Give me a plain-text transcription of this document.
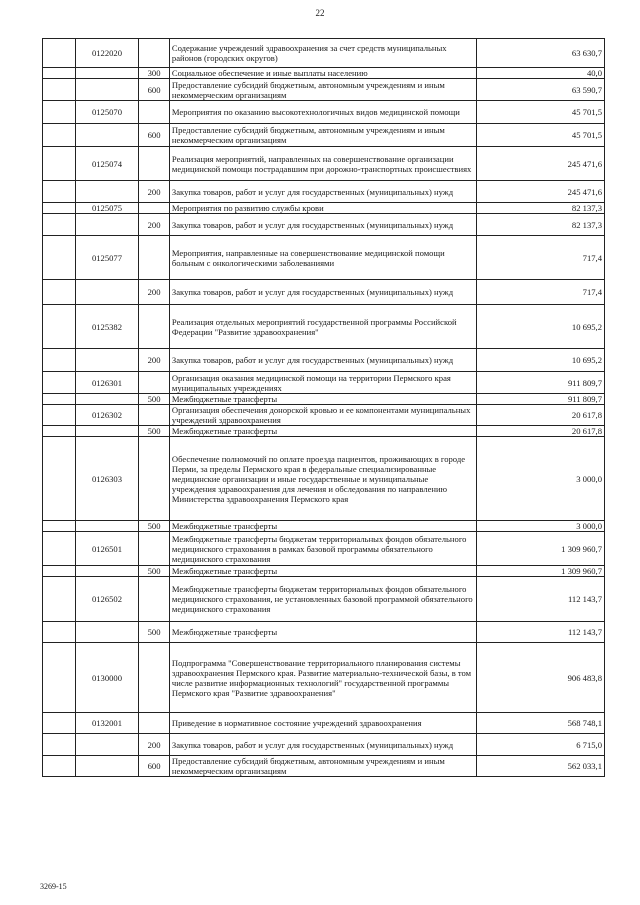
22
	0122020		Содержание учреждений здравоохранения за счет средств муниципальных районов (городских округов)	63 630,7
		300	Социальное обеспечение и иные выплаты населению	40,0
		600	Предоставление субсидий бюджетным, автономным учреждениям и иным некоммерческим организациям	63 590,7
	0125070		Мероприятия по оказанию высокотехнологичных видов медицинской помощи	45 701,5
		600	Предоставление субсидий бюджетным, автономным учреждениям и иным некоммерческим организациям	45 701,5
	0125074		Реализация мероприятий, направленных на совершенствование организации медицинской помощи пострадавшим при дорожно-транспортных происшествиях	245 471,6
		200	Закупка товаров, работ и услуг для государственных (муниципальных) нужд	245 471,6
	0125075		Мероприятия по развитию службы крови	82 137,3
		200	Закупка товаров, работ и услуг для государственных (муниципальных) нужд	82 137,3
	0125077		Мероприятия, направленные на совершенствование медицинской помощи больным с онкологическими заболеваниями	717,4
		200	Закупка товаров, работ и услуг для государственных (муниципальных) нужд	717,4
	0125382		Реализация отдельных мероприятий государственной программы Российской Федерации "Развитие здравоохранения"	10 695,2
		200	Закупка товаров, работ и услуг для государственных (муниципальных) нужд	10 695,2
	0126301		Организация оказания медицинской помощи на территории Пермского края муниципальных учреждениях	911 809,7
		500	Межбюджетные трансферты	911 809,7
	0126302		Организация обеспечения донорской кровью и ее компонентами муниципальных учреждений здравоохранения	20 617,8
		500	Межбюджетные трансферты	20 617,8
	0126303		Обеспечение полномочий по оплате проезда пациентов, проживающих в городе Перми, за пределы Пермского края в федеральные специализированные медицинские организации и иные государственные и муниципальные учреждения здравоохранения для лечения и обследования по направлению Министерства здравоохранения Пермского края	3 000,0
		500	Межбюджетные трансферты	3 000,0
	0126501		Межбюджетные трансферты бюджетам территориальных фондов обязательного медицинского страхования в рамках базовой программы обязательного медицинского страхования	1 309 960,7
		500	Межбюджетные трансферты	1 309 960,7
	0126502		Межбюджетные трансферты бюджетам территориальных фондов обязательного медицинского страхования, не установленных базовой программой обязательного медицинского страхования	112 143,7
		500	Межбюджетные трансферты	112 143,7
	0130000		Подпрограмма "Совершенствование территориального планирования системы здравоохранения Пермского края. Развитие материально-технической базы, в том числе развитие информационных технологий" государственной программы Пермского края "Развитие здравоохранения"	906 483,8
	0132001		Приведение в нормативное состояние учреждений здравоохранения	568 748,1
		200	Закупка товаров, работ и услуг для государственных (муниципальных) нужд	6 715,0
		600	Предоставление субсидий бюджетным, автономным учреждениям и иным некоммерческим организациям	562 033,1
3269-15
